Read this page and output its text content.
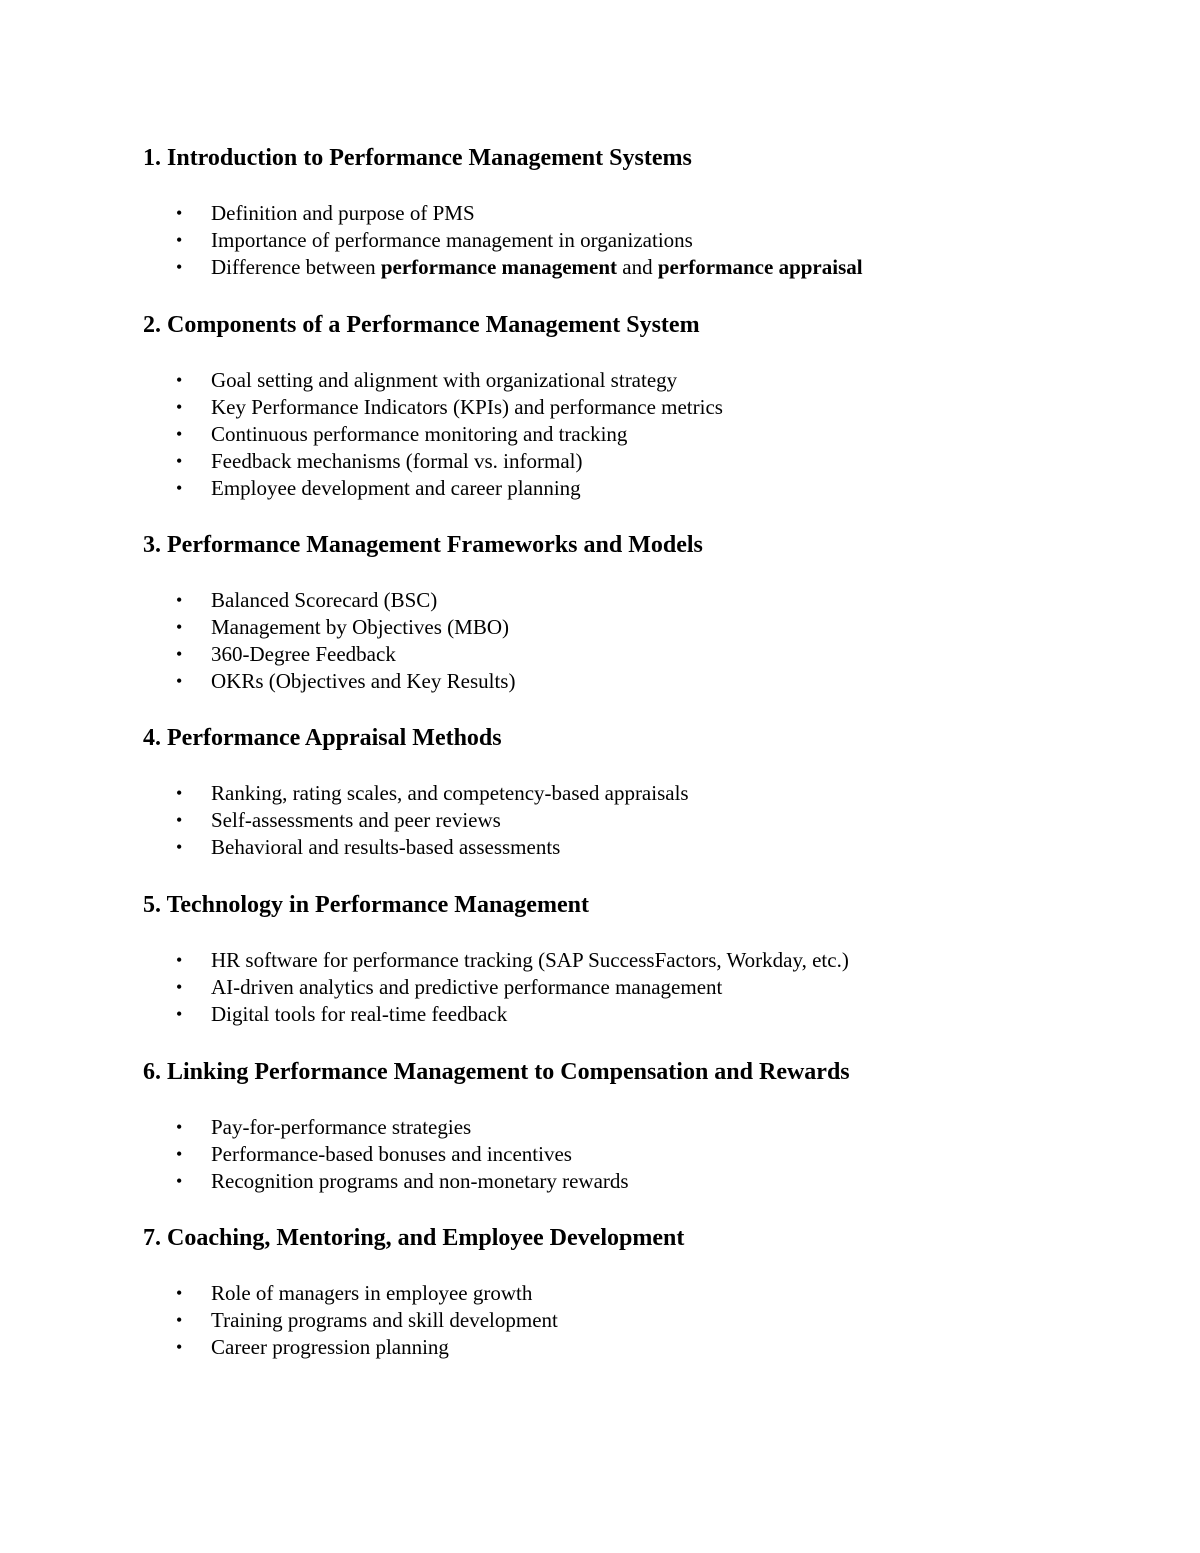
1. Introduction to Performance Management Systems
• Definition and purpose of PMS
• Importance of performance management in organizations
• Difference between performance management and performance appraisal
2. Components of a Performance Management System
• Goal setting and alignment with organizational strategy
• Key Performance Indicators (KPIs) and performance metrics
• Continuous performance monitoring and tracking
• Feedback mechanisms (formal vs. informal)
• Employee development and career planning
3. Performance Management Frameworks and Models
• Balanced Scorecard (BSC)
• Management by Objectives (MBO)
• 360-Degree Feedback
• OKRs (Objectives and Key Results)
4. Performance Appraisal Methods
• Ranking, rating scales, and competency-based appraisals
• Self-assessments and peer reviews
• Behavioral and results-based assessments
5. Technology in Performance Management
• HR software for performance tracking (SAP SuccessFactors, Workday, etc.)
• AI-driven analytics and predictive performance management
• Digital tools for real-time feedback
6. Linking Performance Management to Compensation and Rewards
• Pay-for-performance strategies
• Performance-based bonuses and incentives
• Recognition programs and non-monetary rewards
7. Coaching, Mentoring, and Employee Development
• Role of managers in employee growth
• Training programs and skill development
• Career progression planning
